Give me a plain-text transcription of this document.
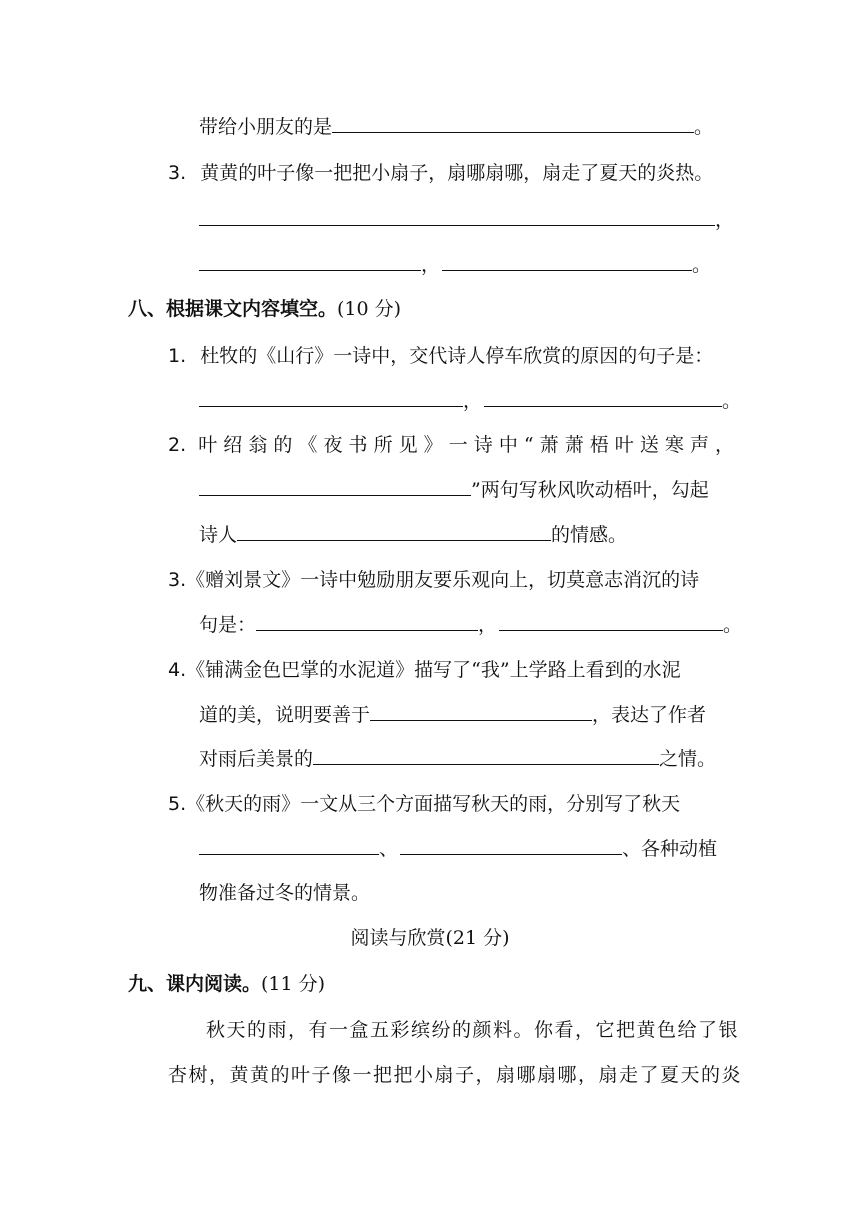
带给小朋友的是	。
3. 黄黄的叶子像一把把小扇子，扇哪扇哪，扇走了夏天的炎热。
，
，	。
八、根据课文内容填空。(10 分)
1. 杜牧的《山行》一诗中，交代诗人停车欣赏的原因的句子是：
，	。
2. 叶绍翁的《夜书所见》一诗中“萧萧梧叶送寒声，
”两句写秋风吹动梧叶，勾起
诗人	的情感。
3.《赠刘景文》一诗中勉励朋友要乐观向上，切莫意志消沉的诗
句是：	，	。
4.《铺满金色巴掌的水泥道》描写了“我”上学路上看到的水泥
道的美，说明要善于	，表达了作者
对雨后美景的	之情。
5.《秋天的雨》一文从三个方面描写秋天的雨，分别写了秋天
、	、各种动植
物准备过冬的情景。
阅读与欣赏(21 分)
九、课内阅读。(11 分)
秋天的雨，有一盒五彩缤纷的颜料。你看，它把黄色给了银
杏树，黄黄的叶子像一把把小扇子，扇哪扇哪，扇走了夏天的炎
